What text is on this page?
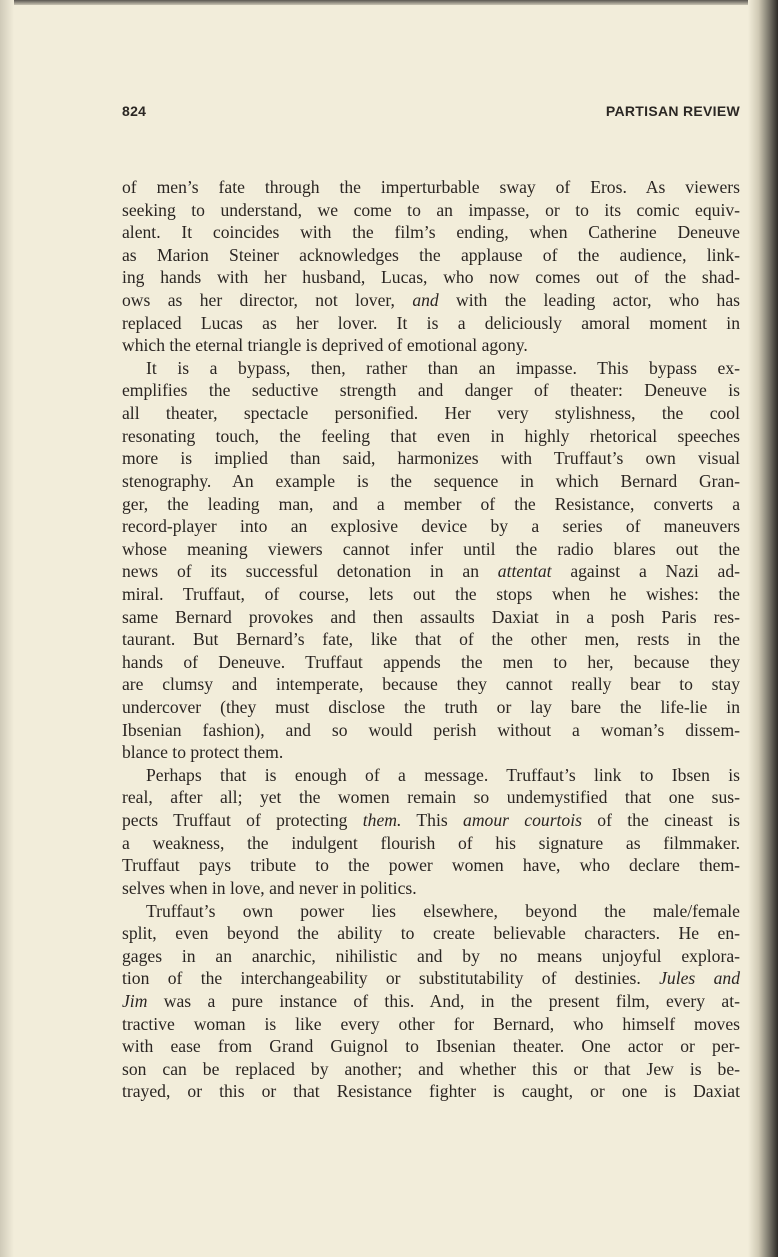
824	PARTISAN REVIEW
of men’s fate through the imperturbable sway of Eros. As viewers
seeking to understand, we come to an impasse, or to its comic equiv-
alent. It coincides with the film’s ending, when Catherine Deneuve
as Marion Steiner acknowledges the applause of the audience, link-
ing hands with her husband, Lucas, who now comes out of the shad-
ows as her director, not lover, and with the leading actor, who has
replaced Lucas as her lover. It is a deliciously amoral moment in
which the eternal triangle is deprived of emotional agony.
It is a bypass, then, rather than an impasse. This bypass ex-
emplifies the seductive strength and danger of theater: Deneuve is
all theater, spectacle personified. Her very stylishness, the cool
resonating touch, the feeling that even in highly rhetorical speeches
more is implied than said, harmonizes with Truffaut’s own visual
stenography. An example is the sequence in which Bernard Gran-
ger, the leading man, and a member of the Resistance, converts a
record-player into an explosive device by a series of maneuvers
whose meaning viewers cannot infer until the radio blares out the
news of its successful detonation in an attentat against a Nazi ad-
miral. Truffaut, of course, lets out the stops when he wishes: the
same Bernard provokes and then assaults Daxiat in a posh Paris res-
taurant. But Bernard’s fate, like that of the other men, rests in the
hands of Deneuve. Truffaut appends the men to her, because they
are clumsy and intemperate, because they cannot really bear to stay
undercover (they must disclose the truth or lay bare the life-lie in
Ibsenian fashion), and so would perish without a woman’s dissem-
blance to protect them.
Perhaps that is enough of a message. Truffaut’s link to Ibsen is
real, after all; yet the women remain so undemystified that one sus-
pects Truffaut of protecting them. This amour courtois of the cineast is
a weakness, the indulgent flourish of his signature as filmmaker.
Truffaut pays tribute to the power women have, who declare them-
selves when in love, and never in politics.
Truffaut’s own power lies elsewhere, beyond the male/female
split, even beyond the ability to create believable characters. He en-
gages in an anarchic, nihilistic and by no means unjoyful explora-
tion of the interchangeability or substitutability of destinies. Jules and
Jim was a pure instance of this. And, in the present film, every at-
tractive woman is like every other for Bernard, who himself moves
with ease from Grand Guignol to Ibsenian theater. One actor or per-
son can be replaced by another; and whether this or that Jew is be-
trayed, or this or that Resistance fighter is caught, or one is Daxiat
